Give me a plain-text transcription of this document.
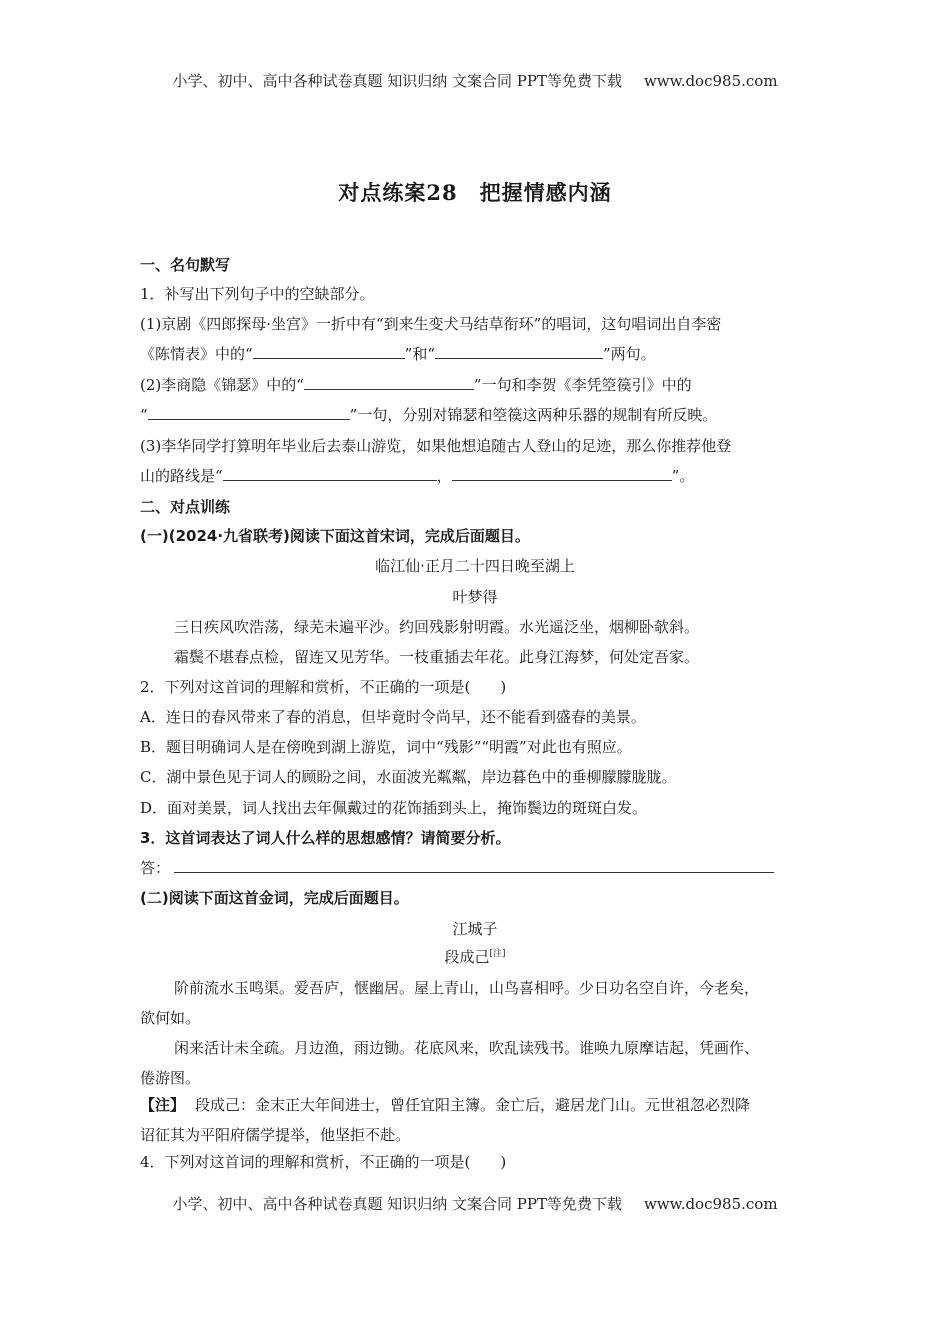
小学、初中、高中各种试卷真题 知识归纳 文案合同 PPT等免费下载 www.doc985.com
对点练案28　把握情感内涵
一、名句默写
1．补写出下列句子中的空缺部分。
(1)京剧《四郎探母·坐宫》一折中有“到来生变犬马结草衔环”的唱词，这句唱词出自李密
《陈情表》中的“	”和“	”两句。
(2)李商隐《锦瑟》中的“	”一句和李贺《李凭箜篌引》中的
“	”一句，分别对锦瑟和箜篌这两种乐器的规制有所反映。
(3)李华同学打算明年毕业后去泰山游览，如果他想追随古人登山的足迹，那么你推荐他登
山的路线是“	，	”。
二、对点训练
(一)(2024·九省联考)阅读下面这首宋词，完成后面题目。
临江仙·正月二十四日晚至湖上
叶梦得
三日疾风吹浩荡，绿芜未遍平沙。约回残影射明霞。水光遥泛坐，烟柳卧欹斜。
霜鬓不堪春点检，留连又见芳华。一枝重插去年花。此身江海梦，何处定吾家。
2．下列对这首词的理解和赏析，不正确的一项是(　　)
A．连日的春风带来了春的消息，但毕竟时令尚早，还不能看到盛春的美景。
B．题目明确词人是在傍晚到湖上游览，词中“残影”“明霞”对此也有照应。
C．湖中景色见于词人的顾盼之间，水面波光粼粼，岸边暮色中的垂柳朦朦胧胧。
D．面对美景，词人找出去年佩戴过的花饰插到头上，掩饰鬓边的斑斑白发。
3．这首词表达了词人什么样的思想感情？请简要分析。
答：
(二)阅读下面这首金词，完成后面题目。
江城子
段成己[注]
阶前流水玉鸣渠。爱吾庐，惬幽居。屋上青山，山鸟喜相呼。少日功名空自许，今老矣，
欲何如。
闲来活计未全疏。月边渔，雨边锄。花底风来，吹乱读残书。谁唤九原摩诘起，凭画作、
倦游图。
【注】 段成己：金末正大年间进士，曾任宜阳主簿。金亡后，避居龙门山。元世祖忽必烈降
诏征其为平阳府儒学提举，他坚拒不赴。
4．下列对这首词的理解和赏析，不正确的一项是(　　)
小学、初中、高中各种试卷真题 知识归纳 文案合同 PPT等免费下载 www.doc985.com
